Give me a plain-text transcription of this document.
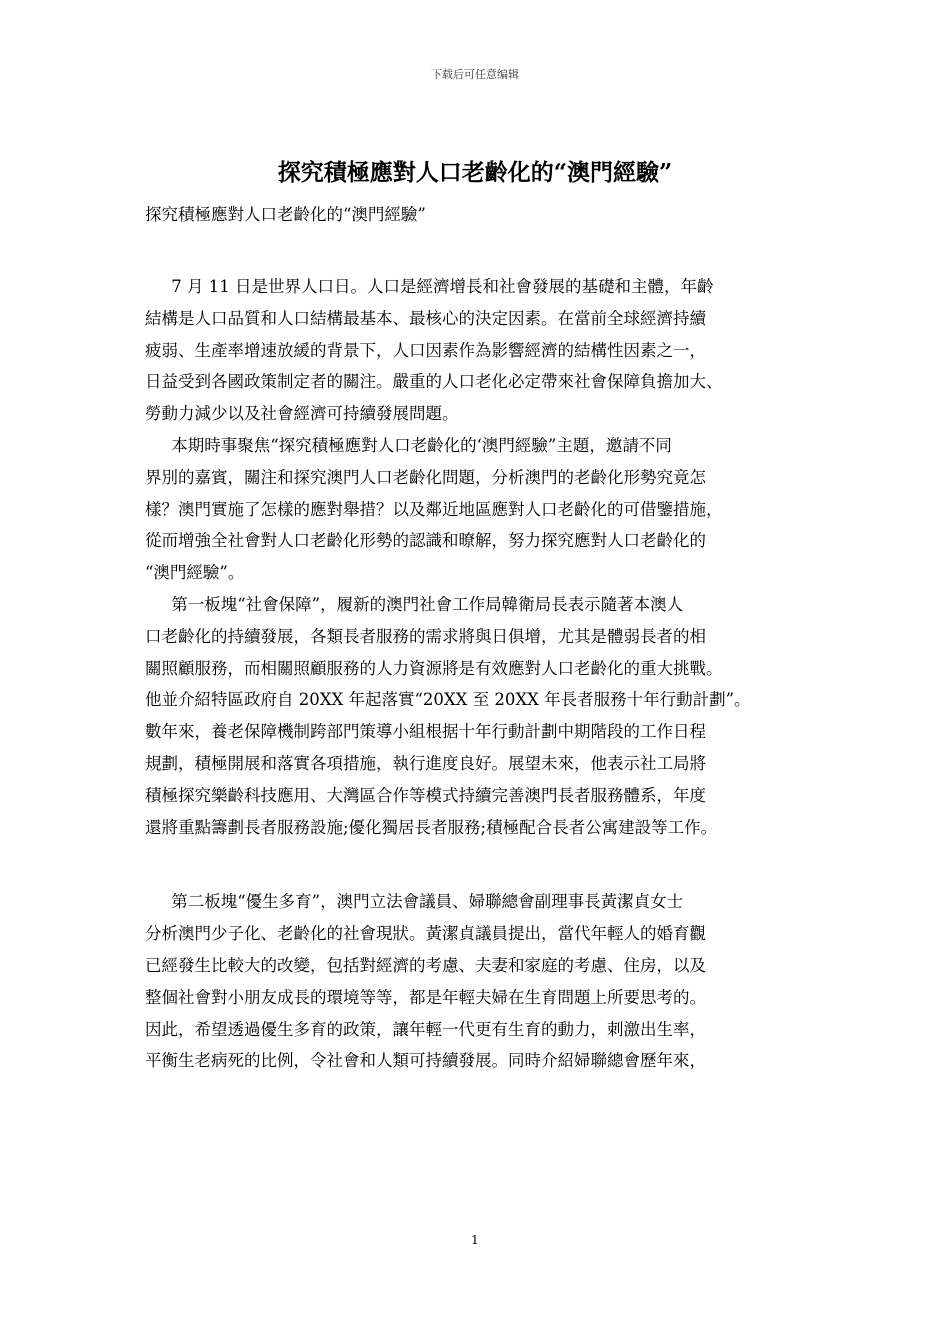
下载后可任意编辑
探究積極應對人口老齡化的“澳門經驗”
探究積極應對人口老齡化的“澳門經驗”
7 月 11 日是世界人口日。人口是經濟增長和社會發展的基礎和主體，年齡
結構是人口品質和人口結構最基本、最核心的決定因素。在當前全球經濟持續
疲弱、生產率增速放緩的背景下，人口因素作為影響經濟的結構性因素之一，
日益受到各國政策制定者的關注。嚴重的人口老化必定帶來社會保障負擔加大、
勞動力減少以及社會經濟可持續發展問題。
本期時事聚焦“探究積極應對人口老齡化的‘澳門經驗”主題，邀請不同
界別的嘉賓，關注和探究澳門人口老齡化問題，分析澳門的老齡化形勢究竟怎
樣？澳門實施了怎樣的應對舉措？以及鄰近地區應對人口老齡化的可借鑒措施，
從而增強全社會對人口老齡化形勢的認識和暸解，努力探究應對人口老齡化的
“澳門經驗”。
第一板塊“社會保障”，履新的澳門社會工作局韓衛局長表示隨著本澳人
口老齡化的持續發展，各類長者服務的需求將與日俱增，尤其是體弱長者的相
關照顧服務，而相關照顧服務的人力資源將是有效應對人口老齡化的重大挑戰。
他並介紹特區政府自 20XX 年起落實“20XX 至 20XX 年長者服務十年行動計劃”。
數年來，養老保障機制跨部門策導小組根据十年行動計劃中期階段的工作日程
規劃，積極開展和落實各項措施，執行進度良好。展望未來，他表示社工局將
積極探究樂齡科技應用、大灣區合作等模式持續完善澳門長者服務體系，年度
還將重點籌劃長者服務設施;優化獨居長者服務;積極配合長者公寓建設等工作。
第二板塊“優生多育”，澳門立法會議員、婦聯總會副理事長黃潔貞女士
分析澳門少子化、老齡化的社會現狀。黃潔貞議員提出，當代年輕人的婚育觀
已經發生比較大的改變，包括對經濟的考慮、夫妻和家庭的考慮、住房，以及
整個社會對小朋友成長的環境等等，都是年輕夫婦在生育問題上所要思考的。
因此，希望透過優生多育的政策，讓年輕一代更有生育的動力，刺激出生率，
平衡生老病死的比例，令社會和人類可持續發展。同時介紹婦聯總會歷年來，
1
